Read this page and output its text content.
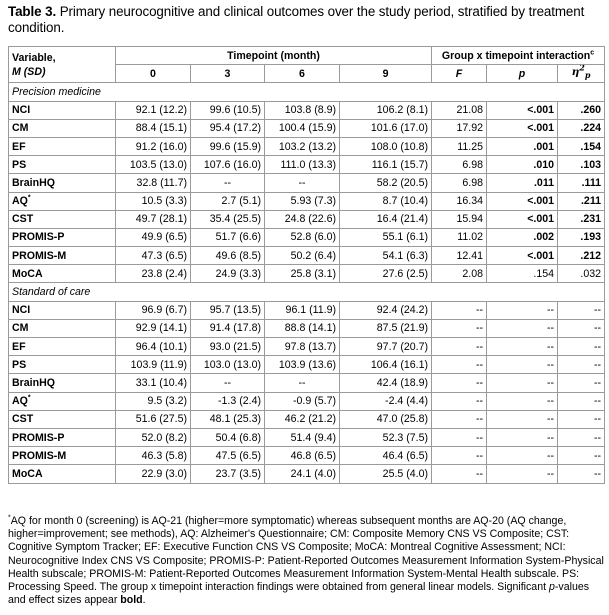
Table 3. Primary neurocognitive and clinical outcomes over the study period, stratified by treatment condition.
Variable,
M (SD)	Timepoint (month)				Group x timepoint interaction$^c$
	0	3	6	9	F	p	$\eta^2_p$
Precision medicine							
NCI	92.1 (12.2)	99.6 (10.5)	103.8 (8.9)	106.2 (8.1)	21.08	<.001	.260
CM	88.4 (15.1)	95.4 (17.2)	100.4 (15.9)	101.6 (17.0)	17.92	<.001	.224
EF	91.2 (16.0)	99.6 (15.9)	103.2 (13.2)	108.0 (10.8)	11.25	.001	.154
PS	103.5 (13.0)	107.6 (16.0)	111.0 (13.3)	116.1 (15.7)	6.98	.010	.103
BrainHQ	32.8 (11.7)	--	--	58.2 (20.5)	6.98	.011	.111
AQ*	10.5 (3.3)	2.7 (5.1)	5.93 (7.3)	8.7 (10.4)	16.34	<.001	.211
CST	49.7 (28.1)	35.4 (25.5)	24.8 (22.6)	16.4 (21.4)	15.94	<.001	.231
PROMIS-P	49.9 (6.5)	51.7 (6.6)	52.8 (6.0)	55.1 (6.1)	11.02	.002	.193
PROMIS-M	47.3 (6.5)	49.6 (8.5)	50.2 (6.4)	54.1 (6.3)	12.41	<.001	.212
MoCA	23.8 (2.4)	24.9 (3.3)	25.8 (3.1)	27.6 (2.5)	2.08	.154	.032
Standard of care							
NCI	96.9 (6.7)	95.7 (13.5)	96.1 (11.9)	92.4 (24.2)	--	--	--
CM	92.9 (14.1)	91.4 (17.8)	88.8 (14.1)	87.5 (21.9)	--	--	--
EF	96.4 (10.1)	93.0 (21.5)	97.8 (13.7)	97.7 (20.7)	--	--	--
PS	103.9 (11.9)	103.0 (13.0)	103.9 (13.6)	106.4 (16.1)	--	--	--
BrainHQ	33.1 (10.4)	--	--	42.4 (18.9)	--	--	--
AQ*	9.5 (3.2)	-1.3 (2.4)	-0.9 (5.7)	-2.4 (4.4)	--	--	--
CST	51.6 (27.5)	48.1 (25.3)	46.2 (21.2)	47.0 (25.8)	--	--	--
PROMIS-P	52.0 (8.2)	50.4 (6.8)	51.4 (9.4)	52.3 (7.5)	--	--	--
PROMIS-M	46.3 (5.8)	47.5 (6.5)	46.8 (6.5)	46.4 (6.5)	--	--	--
MoCA	22.9 (3.0)	23.7 (3.5)	24.1 (4.0)	25.5 (4.0)	--	--	--
*AQ for month 0 (screening) is AQ-21 (higher=more symptomatic) whereas subsequent months are AQ-20 (AQ change, higher=improvement; see methods), AQ: Alzheimer's Questionnaire; CM: Composite Memory CNS VS Composite; CST: Cognitive Symptom Tracker; EF: Executive Function CNS VS Composite; MoCA: Montreal Cognitive Assessment; NCI: Neurocognitive Index CNS VS Composite; PROMIS-P: Patient-Reported Outcomes Measurement Information System-Physical Health subscale; PROMIS-M: Patient-Reported Outcomes Measurement Information System-Mental Health subscale. PS: Processing Speed. The group x timepoint interaction findings were obtained from general linear models. Significant p-values and effect sizes appear bold.
